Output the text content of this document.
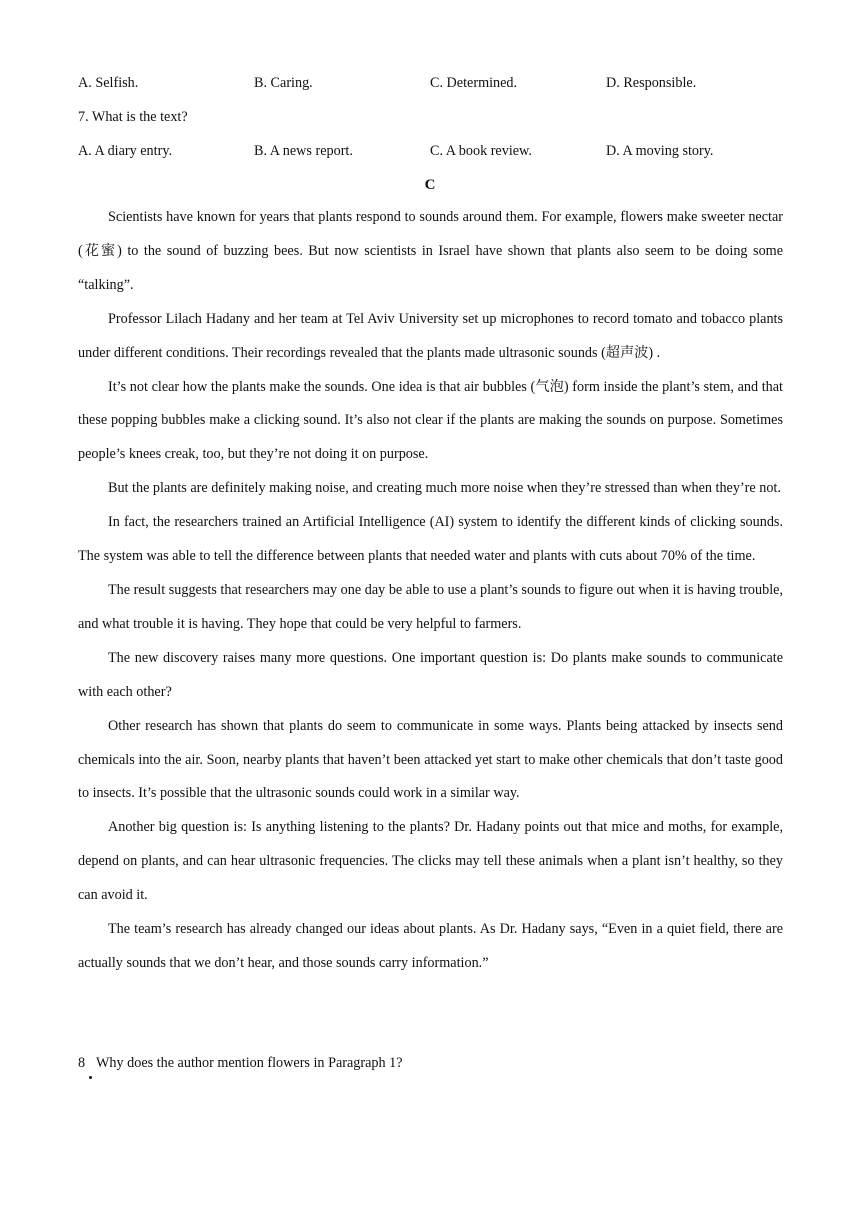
A. Selfish.	B. Caring.	C. Determined.	D. Responsible.
7. What is the text?
A. A diary entry.	B. A news report.	C. A book review.	D. A moving story.
C

Scientists have known for years that plants respond to sounds around them. For example, flowers make sweeter nectar (花蜜) to the sound of buzzing bees. But now scientists in Israel have shown that plants also seem to be doing some “talking”.

Professor Lilach Hadany and her team at Tel Aviv University set up microphones to record tomato and tobacco plants under different conditions. Their recordings revealed that the plants made ultrasonic sounds (超声波) .

It’s not clear how the plants make the sounds. One idea is that air bubbles (气泡) form inside the plant’s stem, and that these popping bubbles make a clicking sound. It’s also not clear if the plants are making the sounds on purpose. Sometimes people’s knees creak, too, but they’re not doing it on purpose.

But the plants are definitely making noise, and creating much more noise when they’re stressed than when they’re not.

In fact, the researchers trained an Artificial Intelligence (AI) system to identify the different kinds of clicking sounds. The system was able to tell the difference between plants that needed water and plants with cuts about 70% of the time.

The result suggests that researchers may one day be able to use a plant’s sounds to figure out when it is having trouble, and what trouble it is having. They hope that could be very helpful to farmers.

The new discovery raises many more questions. One important question is: Do plants make sounds to communicate with each other?

Other research has shown that plants do seem to communicate in some ways. Plants being attacked by insects send chemicals into the air. Soon, nearby plants that haven’t been attacked yet start to make other chemicals that don’t taste good to insects. It’s possible that the ultrasonic sounds could work in a similar way.

Another big question is: Is anything listening to the plants? Dr. Hadany points out that mice and moths, for example, depend on plants, and can hear ultrasonic frequencies. The clicks may tell these animals when a plant isn’t healthy, so they can avoid it.

The team’s research has already changed our ideas about plants. As Dr. Hadany says, “Even in a quiet field, there are actually sounds that we don’t hear, and those sounds carry information.”

8 Why does the author mention flowers in Paragraph 1?
